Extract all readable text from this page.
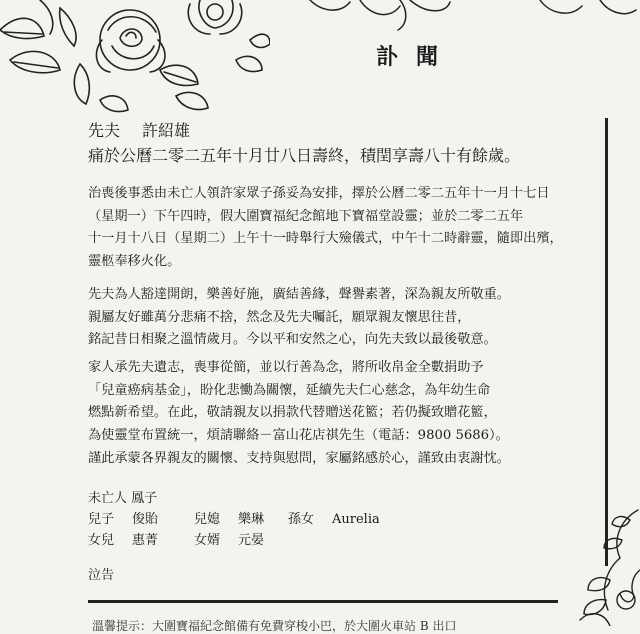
訃聞
先夫 許紹雄
痛於公曆二零二五年十月廿八日壽終，積閏享壽八十有餘歲。
治喪後事悉由未亡人領許家眾子孫妥為安排，擇於公曆二零二五年十一月十七日
（星期一）下午四時，假大圍寶福紀念館地下寶福堂設靈；並於二零二五年
十一月十八日（星期二）上午十一時舉行大殮儀式，中午十二時辭靈，隨即出殯，
靈柩奉移火化。
先夫為人豁達開朗，樂善好施，廣結善緣，聲譽素著，深為親友所敬重。
親屬友好雖萬分悲痛不捨，然念及先夫囑託，願眾親友懷思往昔，
銘記昔日相聚之溫情歲月。今以平和安然之心，向先夫致以最後敬意。
家人承先夫遺志，喪事從簡，並以行善為念，將所收帛金全數捐助予
「兒童癌病基金」，盼化悲慟為關懷，延續先夫仁心慈念，為年幼生命
燃點新希望。在此，敬請親友以捐款代替贈送花籃；若仍擬致贈花籃，
為使靈堂布置統一，煩請聯絡－富山花店祺先生（電話：9800 5686）。
謹此承蒙各界親友的關懷、支持與慰問，家屬銘感於心，謹致由衷謝忱。
未亡人 鳳子
兒子 俊貽	兒媳 樂琳 孫女 Aurelia
女兒 惠菁	女婿 元晏
泣告
溫馨提示：大圍寶福紀念館備有免費穿梭小巴，於大圍火車站 B 出口
